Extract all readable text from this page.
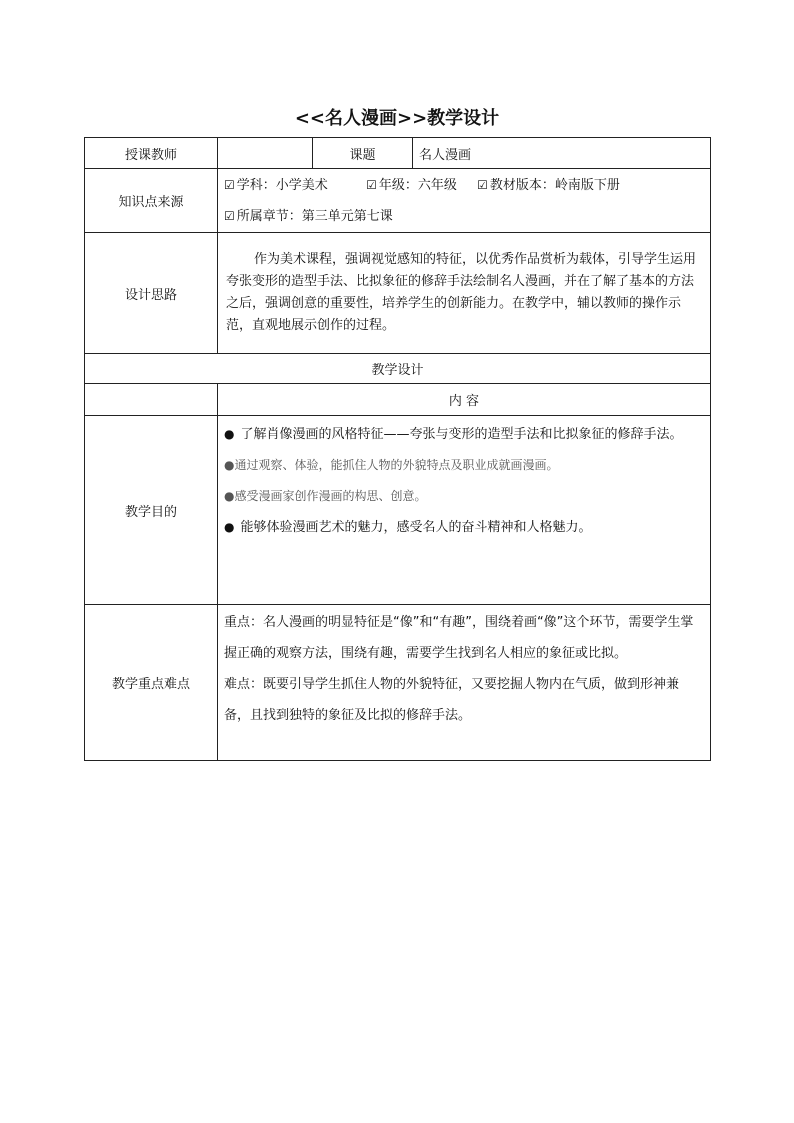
<<名人漫画>>教学设计
授课教师		课题	名人漫画
知识点来源	☑ 学科：小学美术 ☑ 年级：六年级 ☑ 教材版本：岭南版下册
☑ 所属章节：第三单元第七课		

设计思路	作为美术课程，强调视觉感知的特征，以优秀作品赏析为载体，引导学生运用夸张变形的造型手法、比拟象征的修辞手法绘制名人漫画，并在了解了基本的方法之后，强调创意的重要性，培养学生的创新能力。在教学中，辅以教师的操作示范，直观地展示创作的过程。		

教学设计			
	内 容		
教学目的	● 了解肖像漫画的风格特征——夸张与变形的造型手法和比拟象征的修辞手法。
●通过观察、体验，能抓住人物的外貌特点及职业成就画漫画。
●感受漫画家创作漫画的构思、创意。
● 能够体验漫画艺术的魅力，感受名人的奋斗精神和人格魅力。		

教学重点难点	重点：名人漫画的明显特征是“像”和“有趣”，围绕着画“像”这个环节，需要学生掌握正确的观察方法，围绕有趣，需要学生找到名人相应的象征或比拟。
难点：既要引导学生抓住人物的外貌特征，又要挖掘人物内在气质，做到形神兼备，且找到独特的象征及比拟的修辞手法。		
